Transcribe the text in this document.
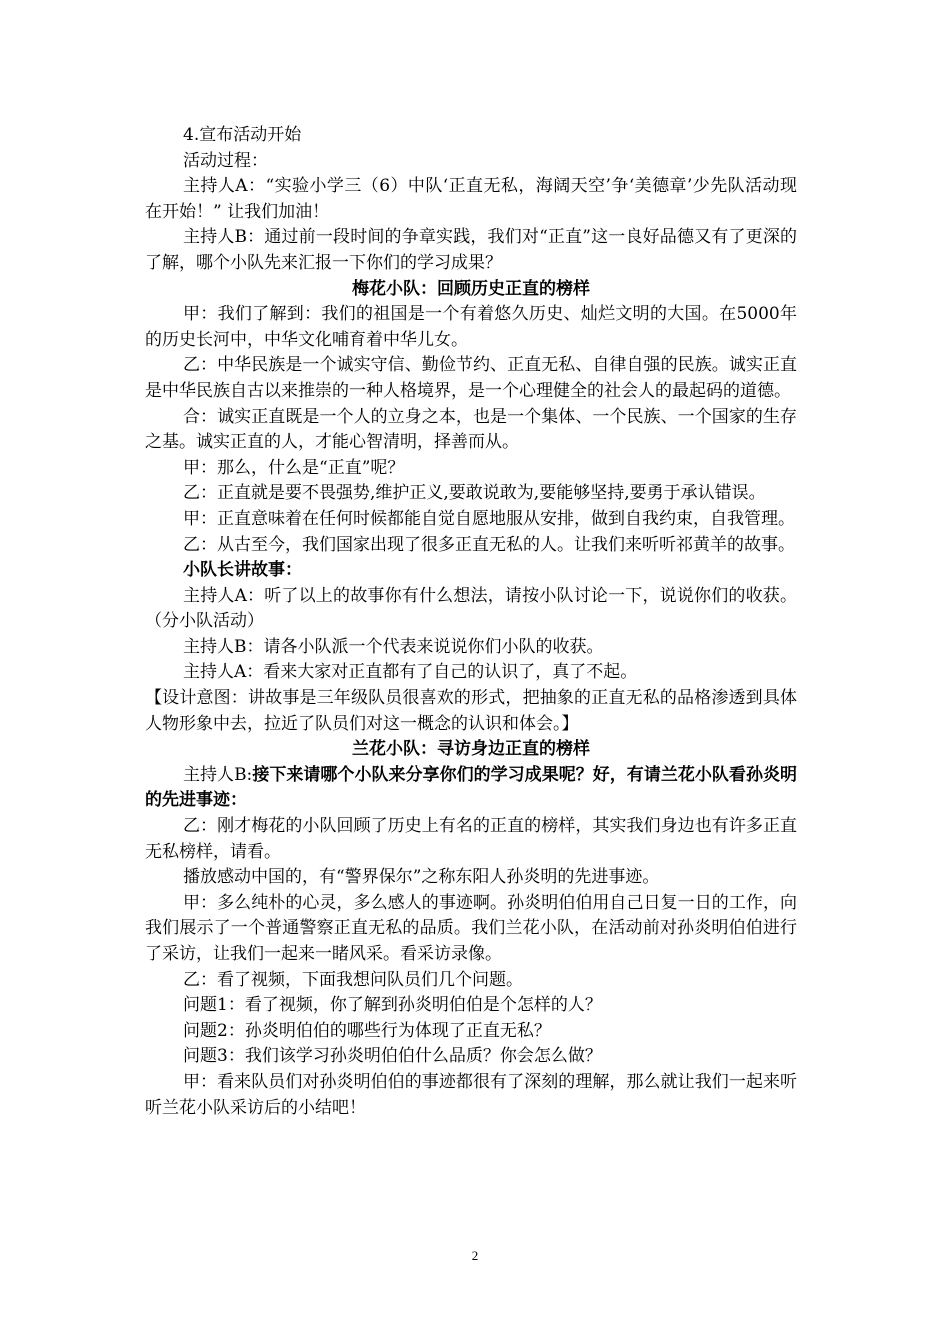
4.宣布活动开始

活动过程：

主持人A：“实验小学三（6）中队‘正直无私，海阔天空’争‘美德章’少先队活动现在开始！” 让我们加油！

主持人B：通过前一段时间的争章实践，我们对“正直”这一良好品德又有了更深的了解，哪个小队先来汇报一下你们的学习成果？

梅花小队：回顾历史正直的榜样

甲：我们了解到：我们的祖国是一个有着悠久历史、灿烂文明的大国。在5000年的历史长河中，中华文化哺育着中华儿女。

乙：中华民族是一个诚实守信、勤俭节约、正直无私、自律自强的民族。诚实正直是中华民族自古以来推崇的一种人格境界，是一个心理健全的社会人的最起码的道德。

合：诚实正直既是一个人的立身之本，也是一个集体、一个民族、一个国家的生存之基。诚实正直的人，才能心智清明，择善而从。

甲：那么，什么是“正直”呢？

乙：正直就是要不畏强势,维护正义,要敢说敢为,要能够坚持,要勇于承认错误。

甲：正直意味着在任何时候都能自觉自愿地服从安排，做到自我约束，自我管理。

乙：从古至今，我们国家出现了很多正直无私的人。让我们来听听祁黄羊的故事。

小队长讲故事：

主持人A：听了以上的故事你有什么想法，请按小队讨论一下，说说你们的收获。（分小队活动）

主持人B：请各小队派一个代表来说说你们小队的收获。

主持人A：看来大家对正直都有了自己的认识了，真了不起。

【设计意图：讲故事是三年级队员很喜欢的形式，把抽象的正直无私的品格渗透到具体人物形象中去，拉近了队员们对这一概念的认识和体会。】

兰花小队：寻访身边正直的榜样

主持人B:接下来请哪个小队来分享你们的学习成果呢？好，有请兰花小队看孙炎明的先进事迹：

乙：刚才梅花的小队回顾了历史上有名的正直的榜样，其实我们身边也有许多正直无私榜样，请看。

播放感动中国的，有“警界保尔”之称东阳人孙炎明的先进事迹。

甲：多么纯朴的心灵，多么感人的事迹啊。孙炎明伯伯用自己日复一日的工作，向我们展示了一个普通警察正直无私的品质。我们兰花小队，在活动前对孙炎明伯伯进行了采访，让我们一起来一睹风采。看采访录像。

乙：看了视频，下面我想问队员们几个问题。

问题1：看了视频，你了解到孙炎明伯伯是个怎样的人？

问题2：孙炎明伯伯的哪些行为体现了正直无私？

问题3：我们该学习孙炎明伯伯什么品质？你会怎么做？

甲：看来队员们对孙炎明伯伯的事迹都很有了深刻的理解，那么就让我们一起来听听兰花小队采访后的小结吧！

2
